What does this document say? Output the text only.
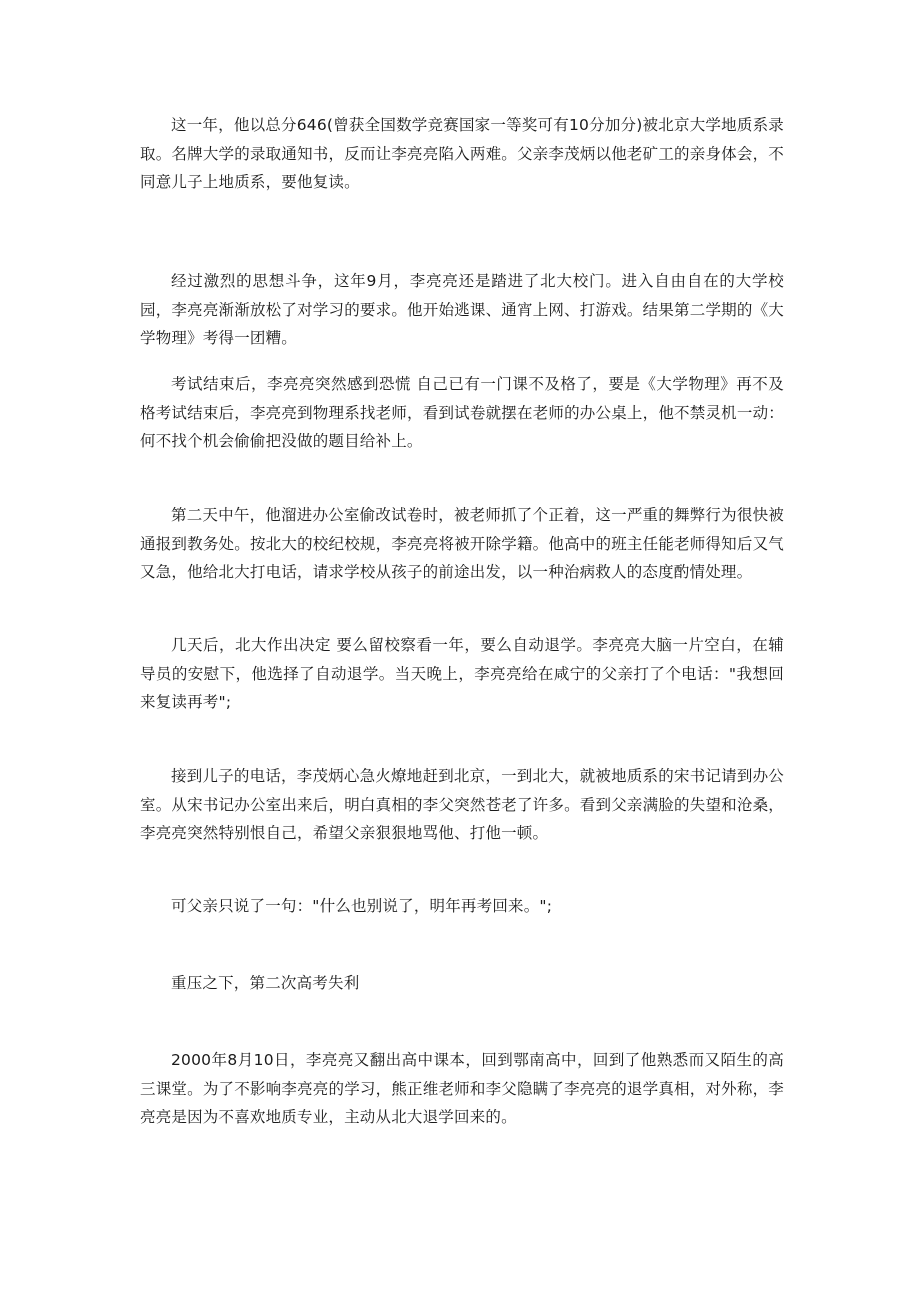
这一年，他以总分646(曾获全国数学竞赛国家一等奖可有10分加分)被北京大学地质系录取。名牌大学的录取通知书，反而让李亮亮陷入两难。父亲李茂炳以他老矿工的亲身体会，不同意儿子上地质系，要他复读。

经过激烈的思想斗争，这年9月，李亮亮还是踏进了北大校门。进入自由自在的大学校园，李亮亮渐渐放松了对学习的要求。他开始逃课、通宵上网、打游戏。结果第二学期的《大学物理》考得一团糟。

考试结束后，李亮亮突然感到恐慌 自己已有一门课不及格了，要是《大学物理》再不及格考试结束后，李亮亮到物理系找老师，看到试卷就摆在老师的办公桌上，他不禁灵机一动：何不找个机会偷偷把没做的题目给补上。

第二天中午，他溜进办公室偷改试卷时，被老师抓了个正着，这一严重的舞弊行为很快被通报到教务处。按北大的校纪校规，李亮亮将被开除学籍。他高中的班主任能老师得知后又气又急，他给北大打电话，请求学校从孩子的前途出发，以一种治病救人的态度酌情处理。

几天后，北大作出决定 要么留校察看一年，要么自动退学。李亮亮大脑一片空白，在辅导员的安慰下，他选择了自动退学。当天晚上，李亮亮给在咸宁的父亲打了个电话："我想回来复读再考";

接到儿子的电话，李茂炳心急火燎地赶到北京，一到北大，就被地质系的宋书记请到办公室。从宋书记办公室出来后，明白真相的李父突然苍老了许多。看到父亲满脸的失望和沧桑，李亮亮突然特别恨自己，希望父亲狠狠地骂他、打他一顿。

可父亲只说了一句："什么也别说了，明年再考回来。";

重压之下，第二次高考失利

2000年8月10日，李亮亮又翻出高中课本，回到鄂南高中，回到了他熟悉而又陌生的高三课堂。为了不影响李亮亮的学习，熊正维老师和李父隐瞒了李亮亮的退学真相，对外称，李亮亮是因为不喜欢地质专业，主动从北大退学回来的。
